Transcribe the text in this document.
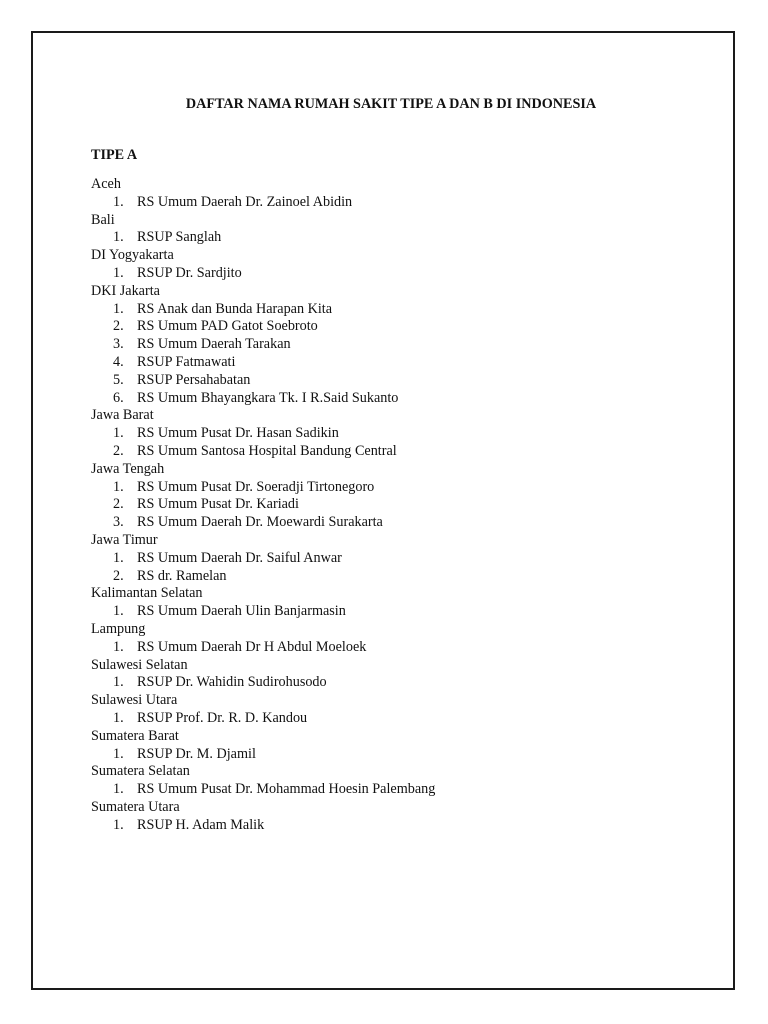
DAFTAR NAMA RUMAH SAKIT TIPE A DAN B DI INDONESIA
TIPE A
Aceh
1. RS Umum Daerah Dr. Zainoel Abidin
Bali
1. RSUP Sanglah
DI Yogyakarta
1. RSUP Dr. Sardjito
DKI Jakarta
1. RS Anak dan Bunda Harapan Kita
2. RS Umum PAD Gatot Soebroto
3. RS Umum Daerah Tarakan
4. RSUP Fatmawati
5. RSUP Persahabatan
6. RS Umum Bhayangkara Tk. I R.Said Sukanto
Jawa Barat
1. RS Umum Pusat Dr. Hasan Sadikin
2. RS Umum Santosa Hospital Bandung Central
Jawa Tengah
1. RS Umum Pusat Dr. Soeradji Tirtonegoro
2. RS Umum Pusat Dr. Kariadi
3. RS Umum Daerah Dr. Moewardi Surakarta
Jawa Timur
1. RS Umum Daerah Dr. Saiful Anwar
2. RS dr. Ramelan
Kalimantan Selatan
1. RS Umum Daerah Ulin Banjarmasin
Lampung
1. RS Umum Daerah Dr H Abdul Moeloek
Sulawesi Selatan
1. RSUP Dr. Wahidin Sudirohusodo
Sulawesi Utara
1. RSUP Prof. Dr. R. D. Kandou
Sumatera Barat
1. RSUP Dr. M. Djamil
Sumatera Selatan
1. RS Umum Pusat Dr. Mohammad Hoesin Palembang
Sumatera Utara
1. RSUP H. Adam Malik
